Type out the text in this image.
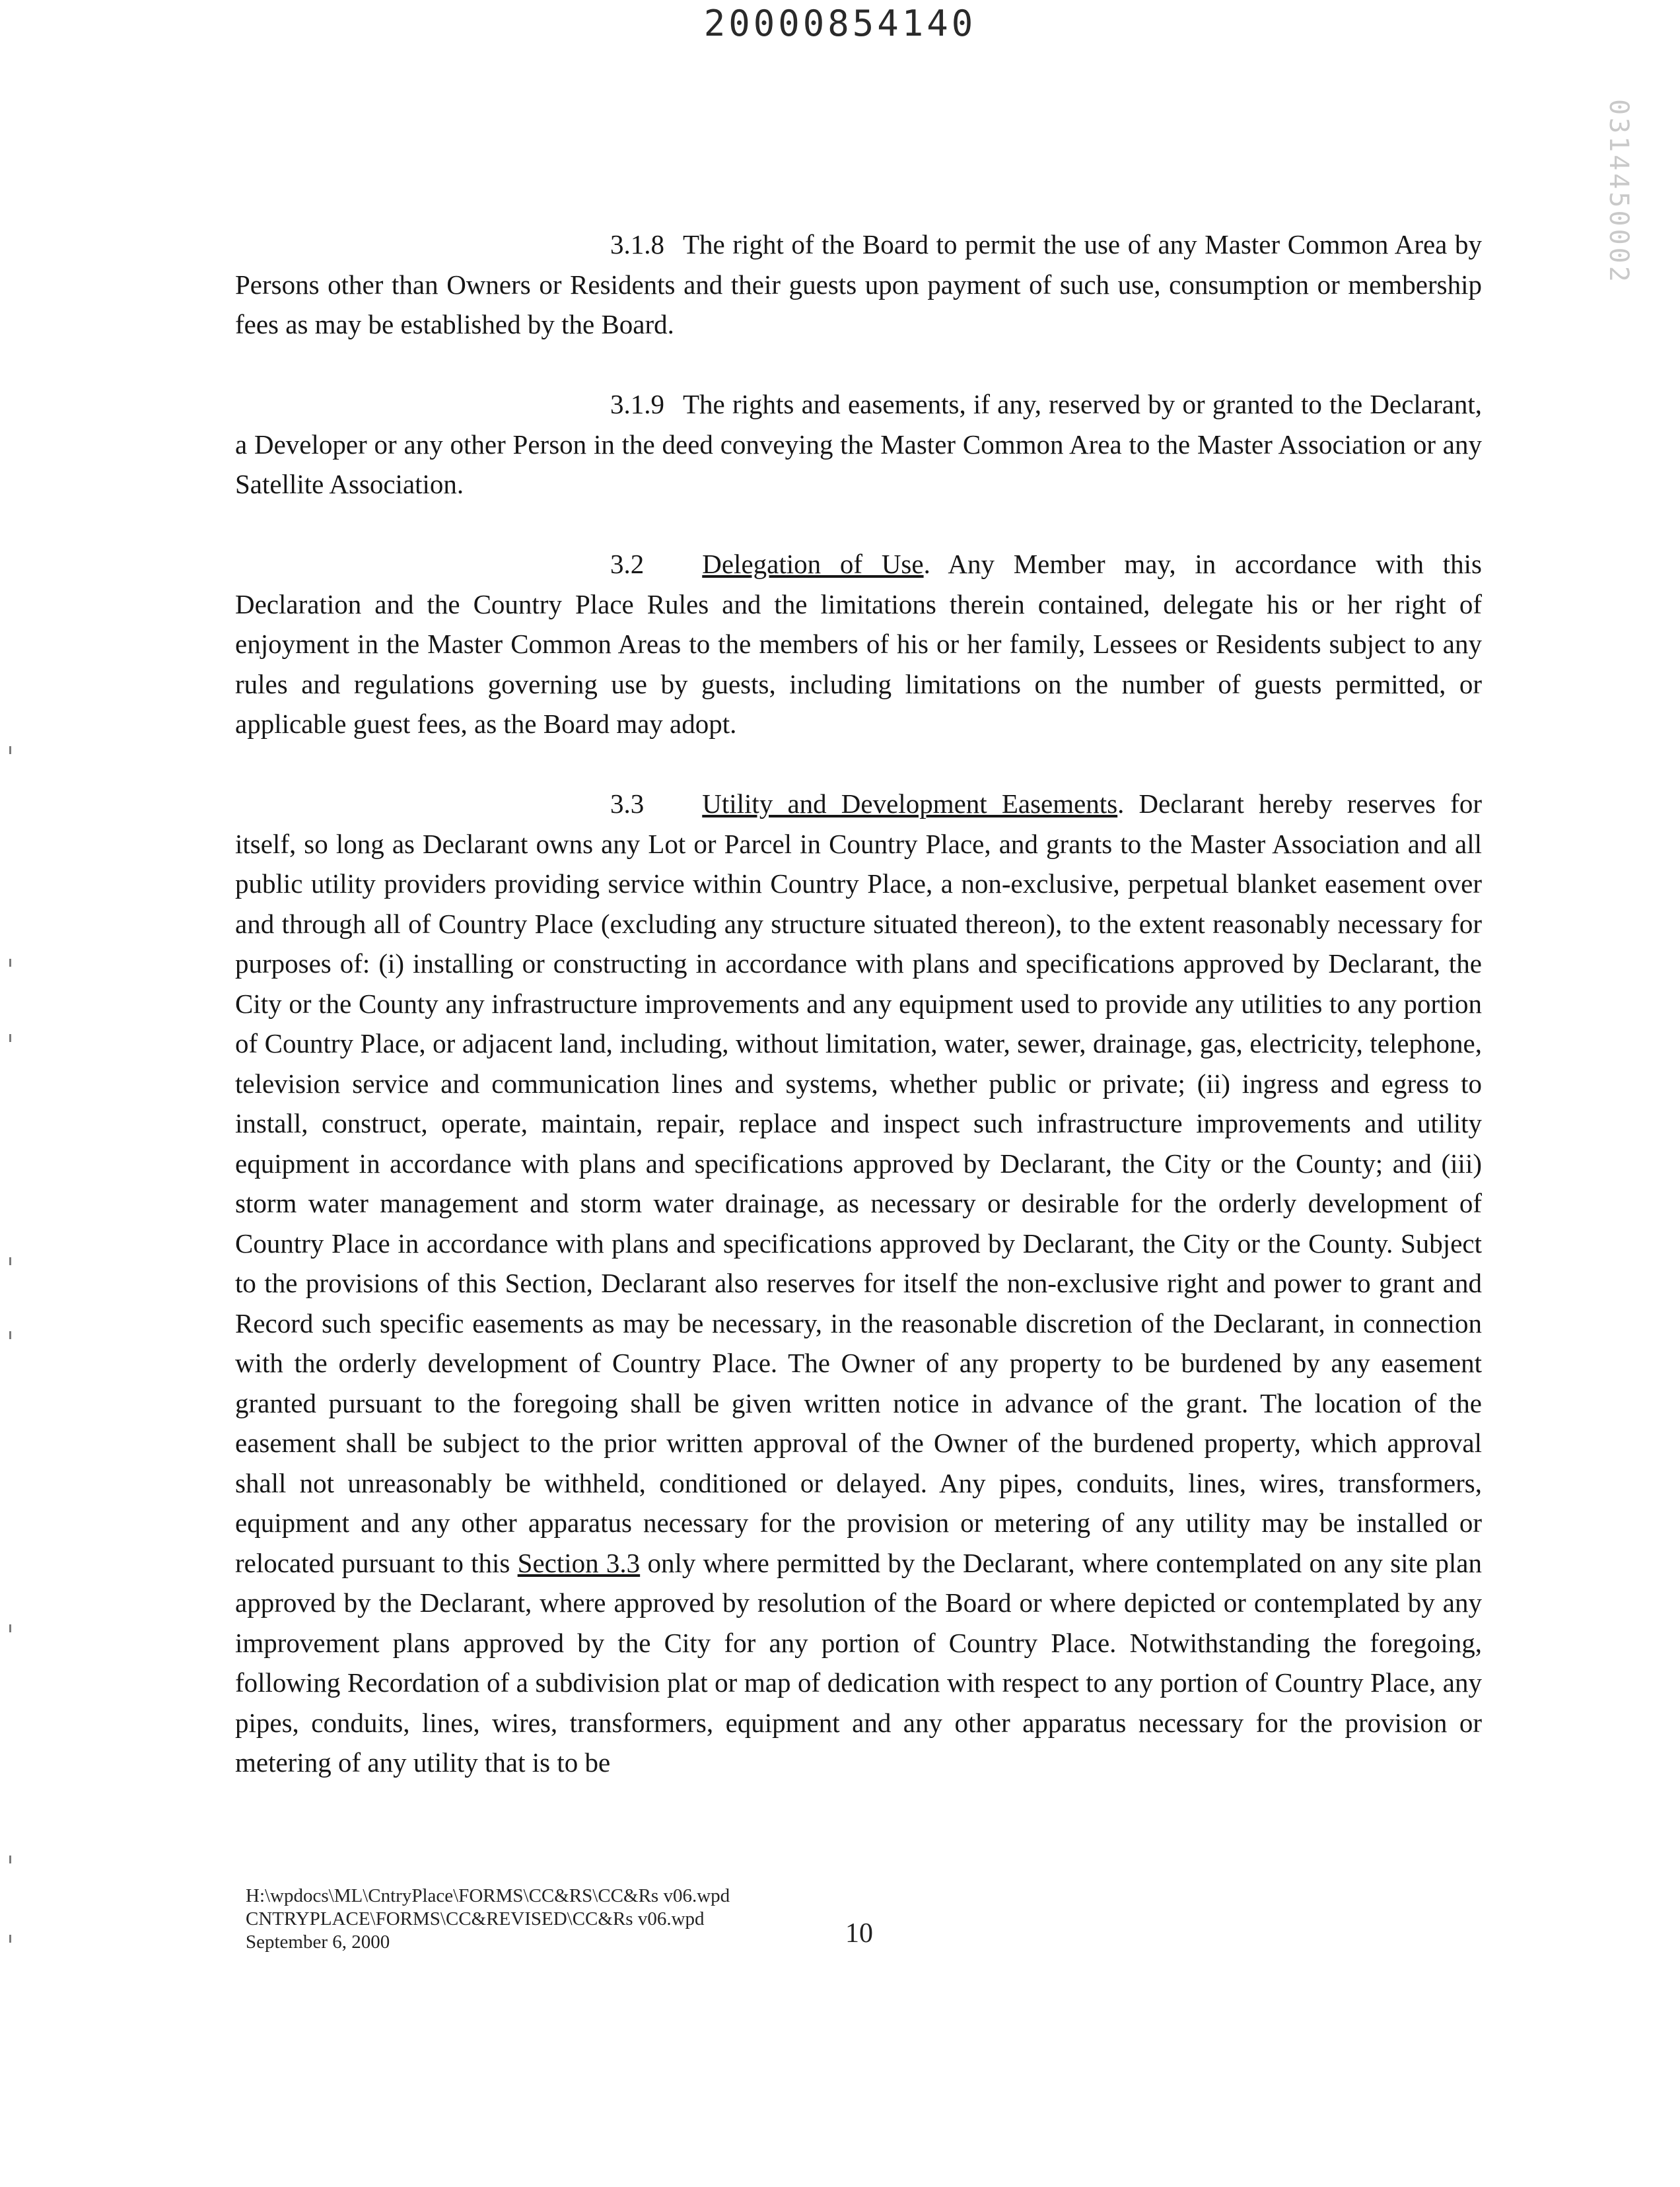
20000854140
0314450002

3.1.8 The right of the Board to permit the use of any Master Common Area by Persons other than Owners or Residents and their guests upon payment of such use, consumption or membership fees as may be established by the Board.

3.1.9 The rights and easements, if any, reserved by or granted to the Declarant, a Developer or any other Person in the deed conveying the Master Common Area to the Master Association or any Satellite Association.

3.2 Delegation of Use. Any Member may, in accordance with this Declaration and the Country Place Rules and the limitations therein contained, delegate his or her right of enjoyment in the Master Common Areas to the members of his or her family, Lessees or Residents subject to any rules and regulations governing use by guests, including limitations on the number of guests permitted, or applicable guest fees, as the Board may adopt.

3.3 Utility and Development Easements. Declarant hereby reserves for itself, so long as Declarant owns any Lot or Parcel in Country Place, and grants to the Master Association and all public utility providers providing service within Country Place, a non-exclusive, perpetual blanket easement over and through all of Country Place (excluding any structure situated thereon), to the extent reasonably necessary for purposes of: (i) installing or constructing in accordance with plans and specifications approved by Declarant, the City or the County any infrastructure improvements and any equipment used to provide any utilities to any portion of Country Place, or adjacent land, including, without limitation, water, sewer, drainage, gas, electricity, telephone, television service and communication lines and systems, whether public or private; (ii) ingress and egress to install, construct, operate, maintain, repair, replace and inspect such infrastructure improvements and utility equipment in accordance with plans and specifications approved by Declarant, the City or the County; and (iii) storm water management and storm water drainage, as necessary or desirable for the orderly development of Country Place in accordance with plans and specifications approved by Declarant, the City or the County. Subject to the provisions of this Section, Declarant also reserves for itself the non-exclusive right and power to grant and Record such specific easements as may be necessary, in the reasonable discretion of the Declarant, in connection with the orderly development of Country Place. The Owner of any property to be burdened by any easement granted pursuant to the foregoing shall be given written notice in advance of the grant. The location of the easement shall be subject to the prior written approval of the Owner of the burdened property, which approval shall not unreasonably be withheld, conditioned or delayed. Any pipes, conduits, lines, wires, transformers, equipment and any other apparatus necessary for the provision or metering of any utility may be installed or relocated pursuant to this Section 3.3 only where permitted by the Declarant, where contemplated on any site plan approved by the Declarant, where approved by resolution of the Board or where depicted or contemplated by any improvement plans approved by the City for any portion of Country Place. Notwithstanding the foregoing, following Recordation of a subdivision plat or map of dedication with respect to any portion of Country Place, any pipes, conduits, lines, wires, transformers, equipment and any other apparatus necessary for the provision or metering of any utility that is to be

H:\wpdocs\ML\CntryPlace\FORMS\CC&RS\CC&Rs v06.wpd
CNTRYPLACE\FORMS\CC&REVISED\CC&Rs v06.wpd
September 6, 2000	10
